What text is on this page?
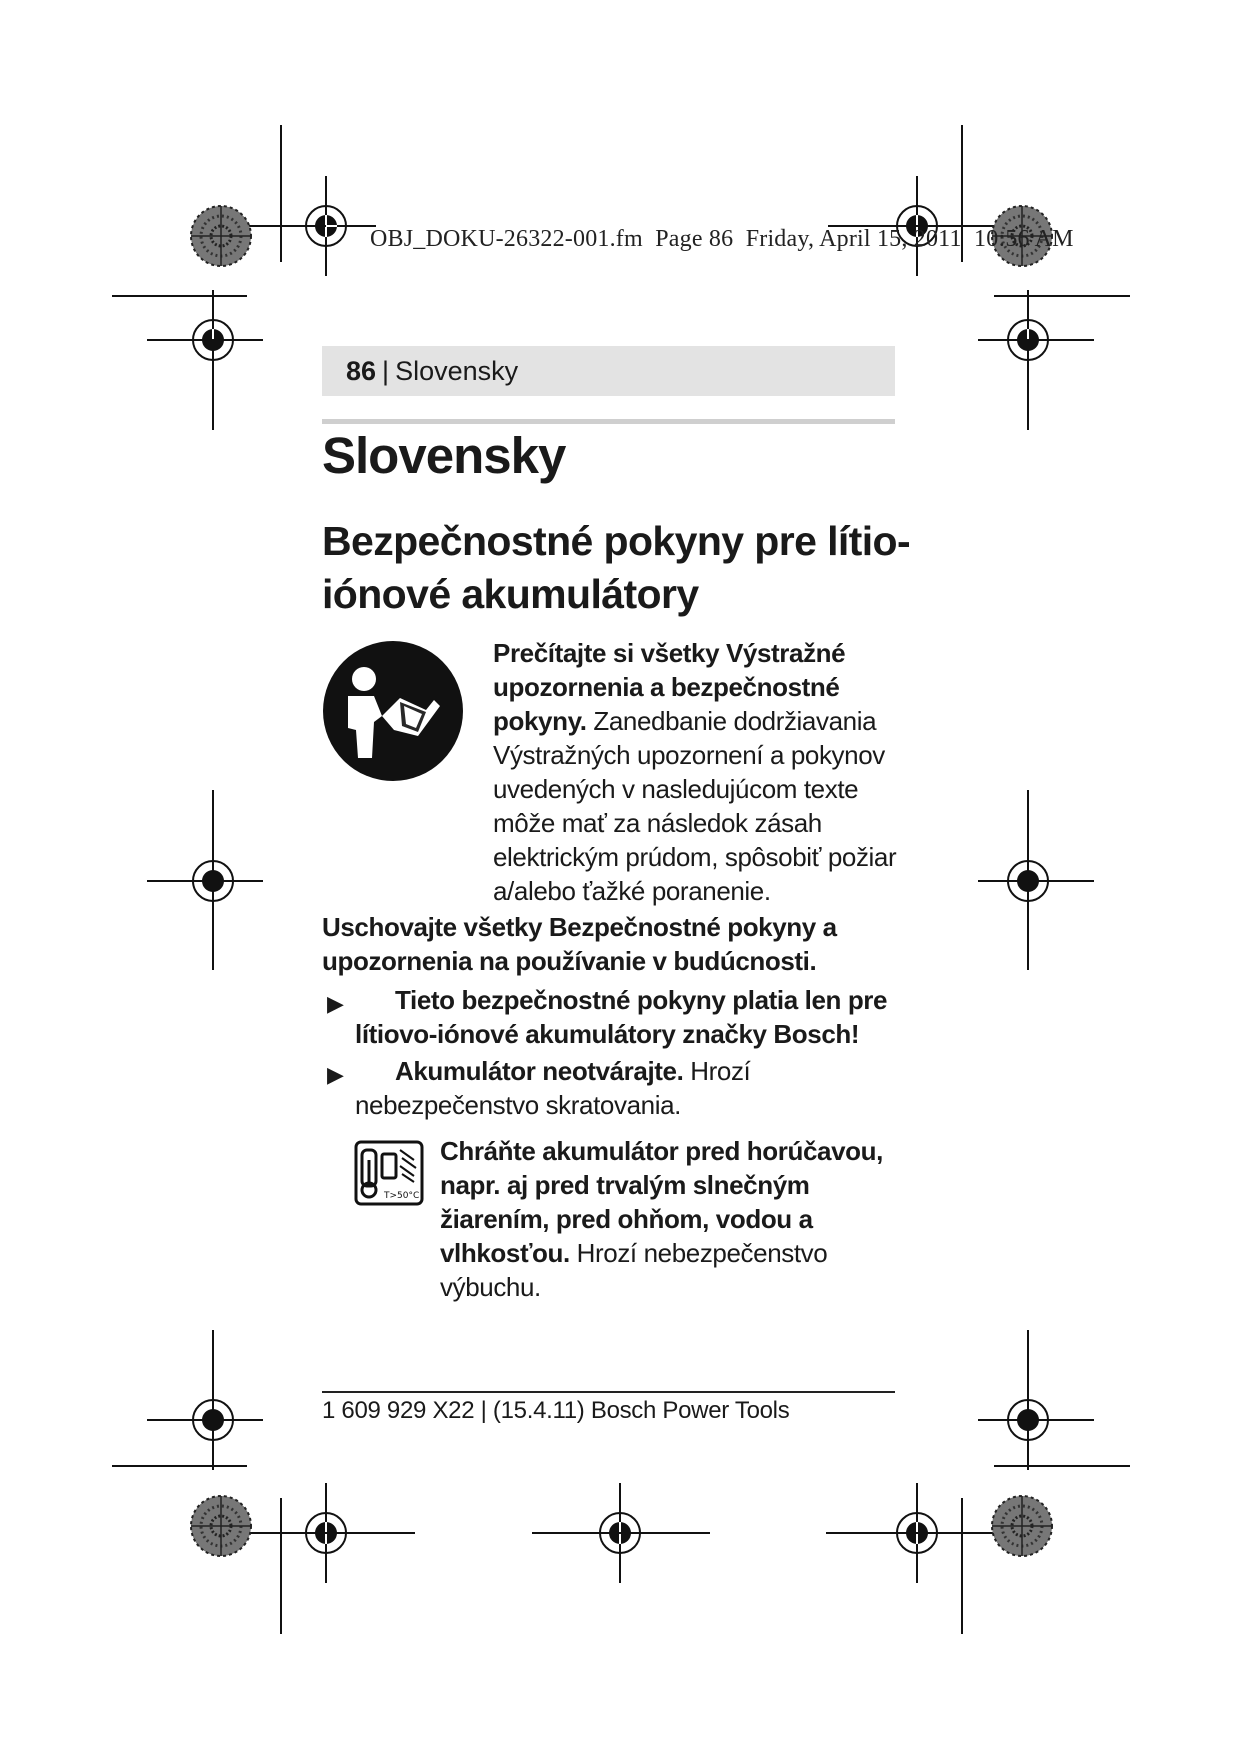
OBJ_DOKU-26322-001.fm  Page 86  Friday, April 15, 2011  10:56 AM
86 | Slovensky
Slovensky
Bezpečnostné pokyny pre lítio-iónové akumulátory
Prečítajte si všetky Výstražné upozornenia a bezpečnostné pokyny. Zanedbanie dodržiavania Výstražných upozornení a pokynov uvedených v nasledujúcom texte môže mať za následok zásah elektrickým prúdom, spôsobiť požiar a/alebo ťažké poranenie.
Uschovajte všetky Bezpečnostné pokyny a upozornenia na používanie v budúcnosti.
▶	Tieto bezpečnostné pokyny platia len pre lítiovo-iónové akumulátory značky Bosch!
▶	Akumulátor neotvárajte. Hrozí nebezpečenstvo skratovania.
T>50°C
Chráňte akumulátor pred horúčavou, napr. aj pred trvalým slnečným žiarením, pred ohňom, vodou a vlhkosťou. Hrozí nebezpečenstvo výbuchu.
1 609 929 X22 | (15.4.11) Bosch Power Tools
